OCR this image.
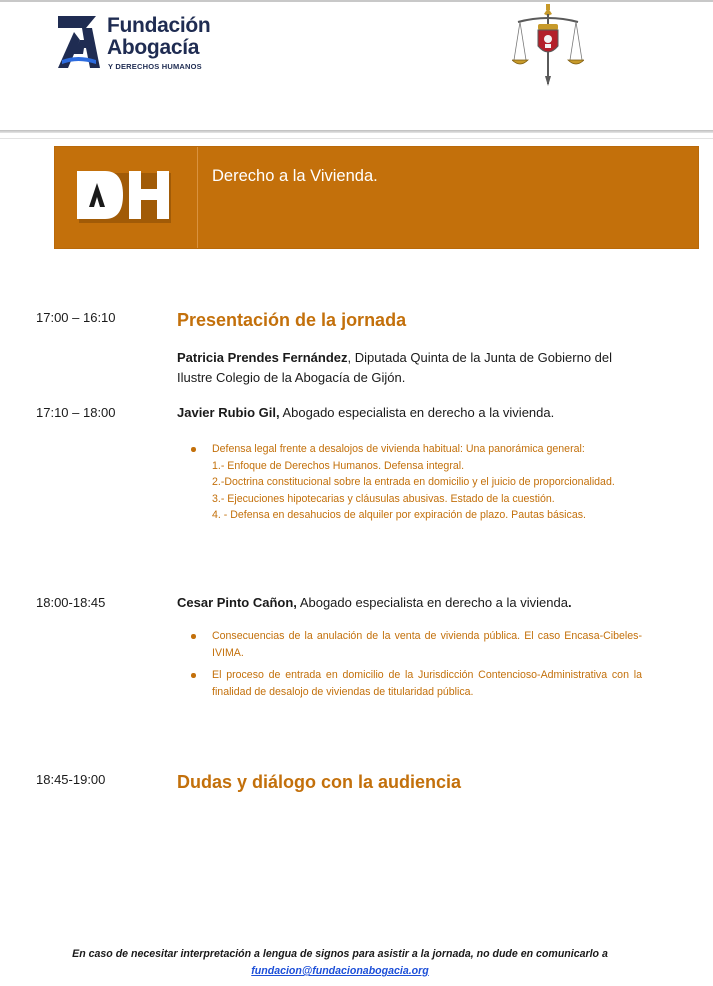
Fundación
Abogacía
Y DERECHOS HUMANOS
Derecho a la Vivienda.
17:00 – 16:10	Presentación de la jornada
Patricia Prendes Fernández, Diputada Quinta de la Junta de Gobierno del Ilustre Colegio de la Abogacía de Gijón.
17:10 – 18:00	Javier Rubio Gil, Abogado especialista en derecho a la vivienda.
Defensa legal frente a desalojos de vivienda habitual: Una panorámica general:
1.- Enfoque de Derechos Humanos. Defensa integral.
2.-Doctrina constitucional sobre la entrada en domicilio y el juicio de proporcionalidad.
3.- Ejecuciones hipotecarias y cláusulas abusivas. Estado de la cuestión.
4. - Defensa en desahucios de alquiler por expiración de plazo. Pautas básicas.
18:00-18:45	Cesar Pinto Cañon, Abogado especialista en derecho a la vivienda.
Consecuencias de la anulación de la venta de vivienda pública. El caso Encasa-Cibeles-IVIMA.
El proceso de entrada en domicilio de la Jurisdicción Contencioso-Administrativa con la finalidad de desalojo de viviendas de titularidad pública.
18:45-19:00	Dudas y diálogo con la audiencia
En caso de necesitar interpretación a lengua de signos para asistir a la jornada, no dude en comunicarlo a fundacion@fundacionabogacia.org
